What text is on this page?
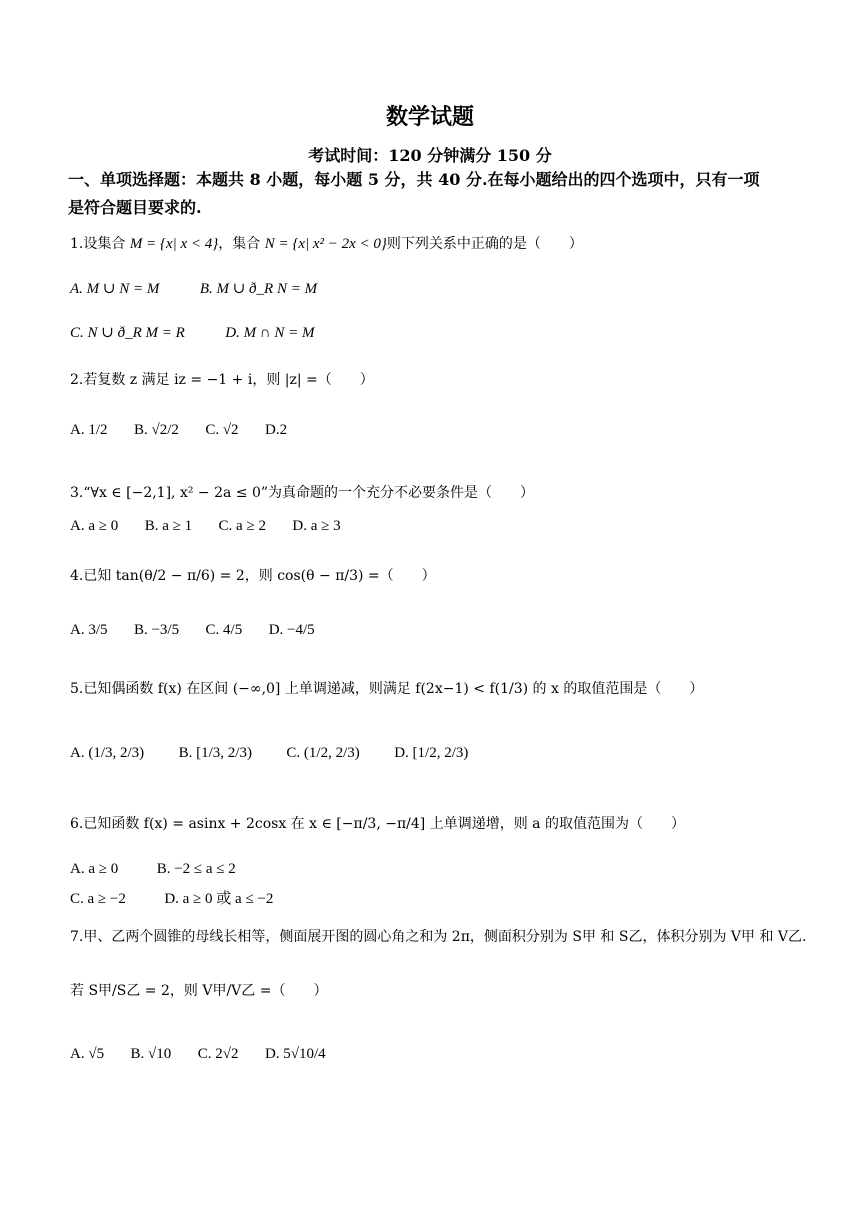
数学试题
考试时间：120 分钟满分 150 分
一、单项选择题：本题共 8 小题，每小题 5 分，共 40 分.在每小题给出的四个选项中，只有一项
是符合题目要求的.
1.设集合 M = {x| x < 4}，集合 N = {x| x² − 2x < 0}则下列关系中正确的是（　　）
A. M ∪ N = M	B. M ∪ ð_R N = M
C. N ∪ ð_R M = R	D. M ∩ N = M
2.若复数 z 满足 iz = −1 + i，则 |z| =（　　）
A. 1/2 B. √2/2 C. √2 D.2
3.“∀x ∈ [−2,1], x² − 2a ≤ 0”为真命题的一个充分不必要条件是（　　）
A. a ≥ 0 B. a ≥ 1 C. a ≥ 2 D. a ≥ 3
4.已知 tan(θ/2 − π/6) = 2，则 cos(θ − π/3) =（　　）
A. 3/5 B. −3/5 C. 4/5 D. −4/5
5.已知偶函数 f(x) 在区间 (−∞,0] 上单调递减，则满足 f(2x−1) < f(1/3) 的 x 的取值范围是（　　）
A. (1/3, 2/3) B. [1/3, 2/3) C. (1/2, 2/3) D. [1/2, 2/3)
6.已知函数 f(x) = asinx + 2cosx 在 x ∈ [−π/3, −π/4] 上单调递增，则 a 的取值范围为（　　）
A. a ≥ 0	B. −2 ≤ a ≤ 2
C. a ≥ −2	D. a ≥ 0 或 a ≤ −2
7.甲、乙两个圆锥的母线长相等，侧面展开图的圆心角之和为 2π，侧面积分别为 S甲 和 S乙，体积分别为 V甲 和 V乙.
若 S甲/S乙 = 2，则 V甲/V乙 =（　　）
A. √5 B. √10 C. 2√2 D. 5√10/4
